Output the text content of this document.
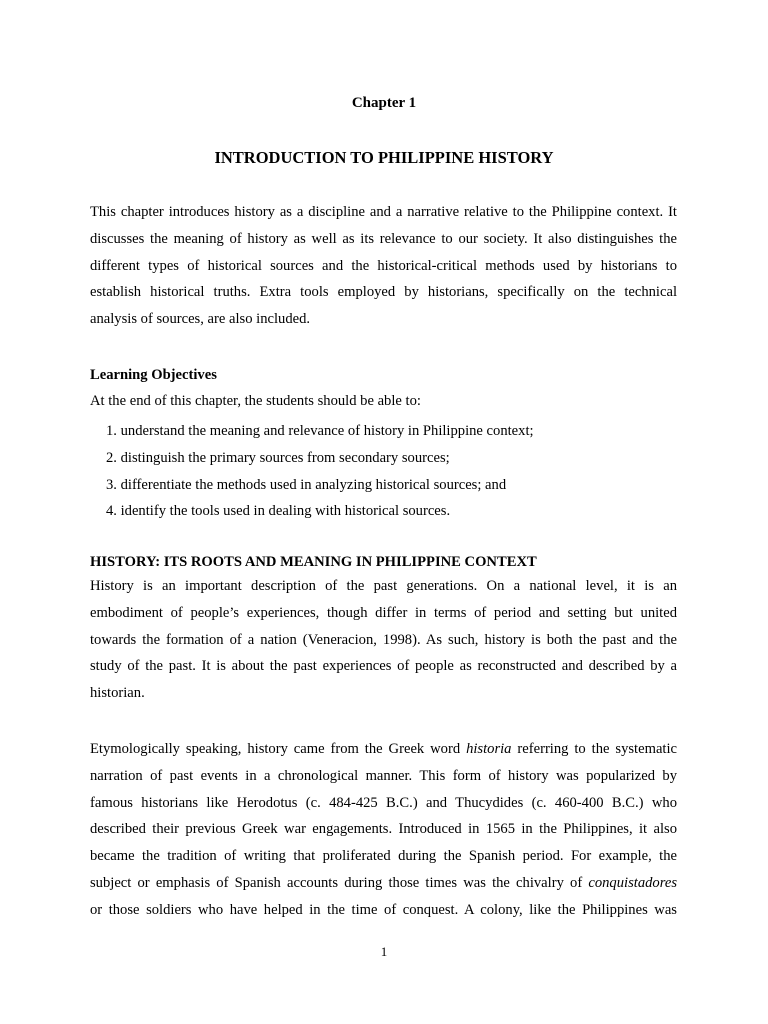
Chapter 1
INTRODUCTION TO PHILIPPINE HISTORY
This chapter introduces history as a discipline and a narrative relative to the Philippine context. It
discusses the meaning of history as well as its relevance to our society. It also distinguishes the
different types of historical sources and the historical-critical methods used by historians to
establish historical truths. Extra tools employed by historians, specifically on the technical
analysis of sources, are also included.
Learning Objectives
At the end of this chapter, the students should be able to:
1. understand the meaning and relevance of history in Philippine context;
2. distinguish the primary sources from secondary sources;
3. differentiate the methods used in analyzing historical sources; and
4. identify the tools used in dealing with historical sources.
HISTORY: ITS ROOTS AND MEANING IN PHILIPPINE CONTEXT
History is an important description of the past generations. On a national level, it is an
embodiment of people’s experiences, though differ in terms of period and setting but united
towards the formation of a nation (Veneracion, 1998). As such, history is both the past and the
study of the past. It is about the past experiences of people as reconstructed and described by a
historian.
Etymologically speaking, history came from the Greek word historia referring to the systematic
narration of past events in a chronological manner. This form of history was popularized by
famous historians like Herodotus (c. 484-425 B.C.) and Thucydides (c. 460-400 B.C.) who
described their previous Greek war engagements. Introduced in 1565 in the Philippines, it also
became the tradition of writing that proliferated during the Spanish period. For example, the
subject or emphasis of Spanish accounts during those times was the chivalry of conquistadores
or those soldiers who have helped in the time of conquest. A colony, like the Philippines was
1
